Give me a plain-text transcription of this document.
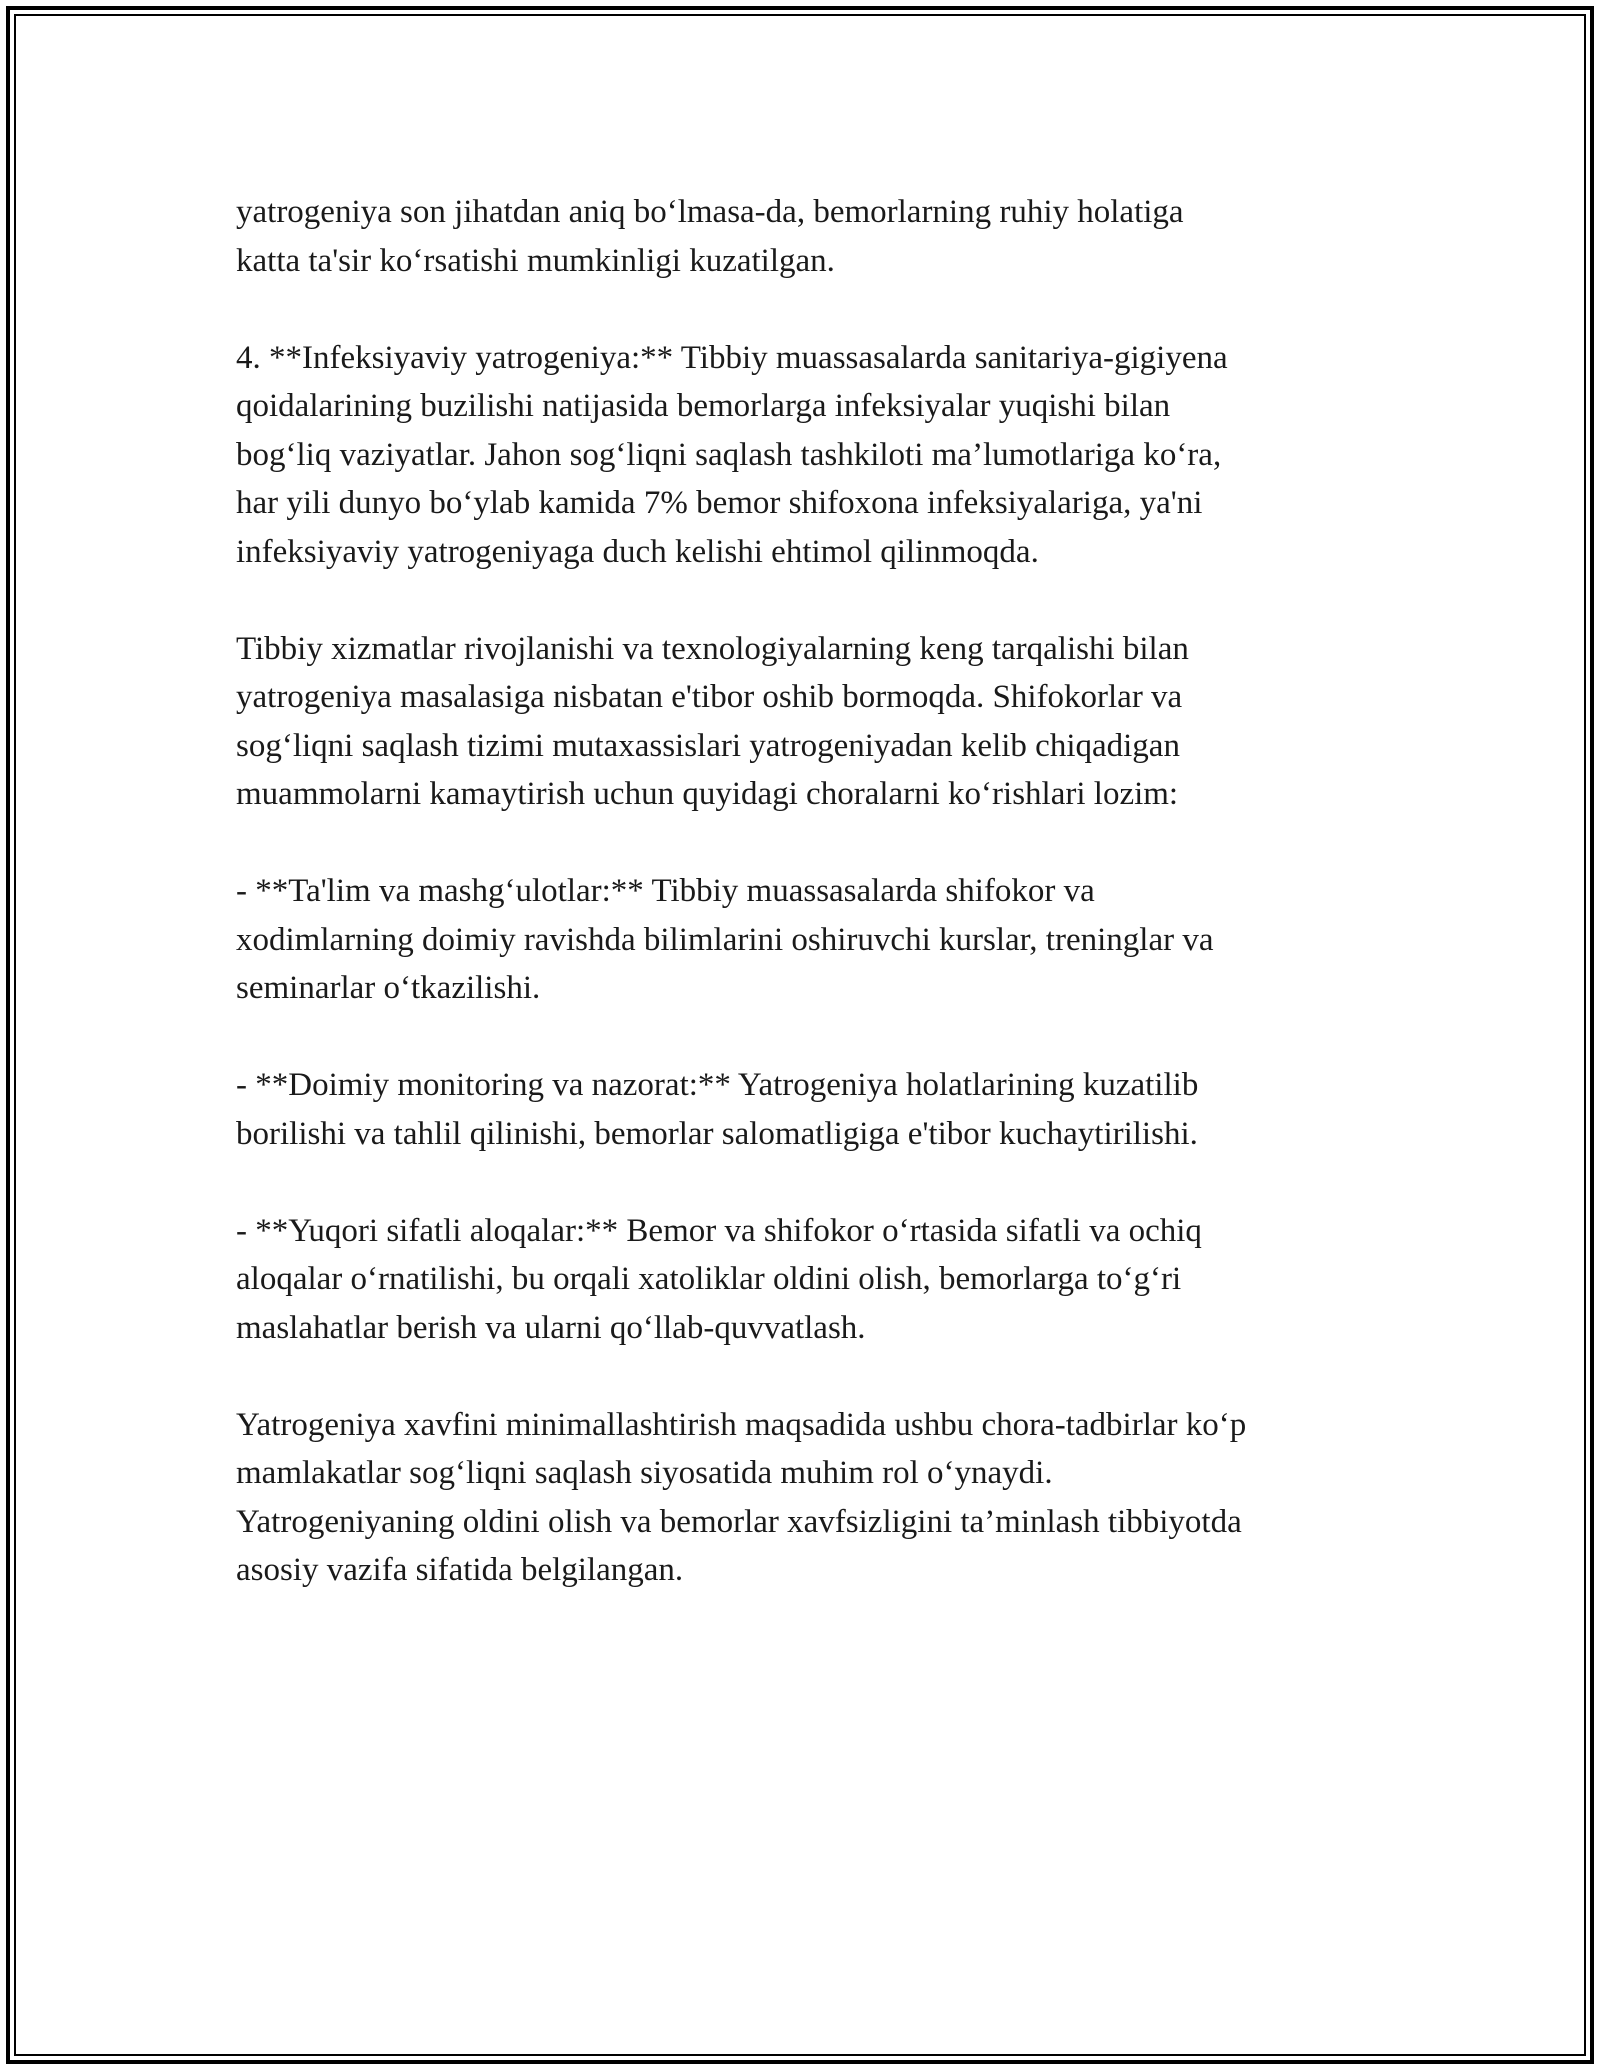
yatrogeniya son jihatdan aniq bo‘lmasa-da, bemorlarning ruhiy holatiga
katta ta'sir ko‘rsatishi mumkinligi kuzatilgan.

4. **Infeksiyaviy yatrogeniya:** Tibbiy muassasalarda sanitariya-gigiyena
qoidalarining buzilishi natijasida bemorlarga infeksiyalar yuqishi bilan
bog‘liq vaziyatlar. Jahon sog‘liqni saqlash tashkiloti ma’lumotlariga ko‘ra,
har yili dunyo bo‘ylab kamida 7% bemor shifoxona infeksiyalariga, ya'ni
infeksiyaviy yatrogeniyaga duch kelishi ehtimol qilinmoqda.

Tibbiy xizmatlar rivojlanishi va texnologiyalarning keng tarqalishi bilan
yatrogeniya masalasiga nisbatan e'tibor oshib bormoqda. Shifokorlar va
sog‘liqni saqlash tizimi mutaxassislari yatrogeniyadan kelib chiqadigan
muammolarni kamaytirish uchun quyidagi choralarni ko‘rishlari lozim:

- **Ta'lim va mashg‘ulotlar:** Tibbiy muassasalarda shifokor va
xodimlarning doimiy ravishda bilimlarini oshiruvchi kurslar, treninglar va
seminarlar o‘tkazilishi.

- **Doimiy monitoring va nazorat:** Yatrogeniya holatlarining kuzatilib
borilishi va tahlil qilinishi, bemorlar salomatligiga e'tibor kuchaytirilishi.

- **Yuqori sifatli aloqalar:** Bemor va shifokor o‘rtasida sifatli va ochiq
aloqalar o‘rnatilishi, bu orqali xatoliklar oldini olish, bemorlarga to‘g‘ri
maslahatlar berish va ularni qo‘llab-quvvatlash.

Yatrogeniya xavfini minimallashtirish maqsadida ushbu chora-tadbirlar ko‘p
mamlakatlar sog‘liqni saqlash siyosatida muhim rol o‘ynaydi.
Yatrogeniyaning oldini olish va bemorlar xavfsizligini ta’minlash tibbiyotda
asosiy vazifa sifatida belgilangan.
